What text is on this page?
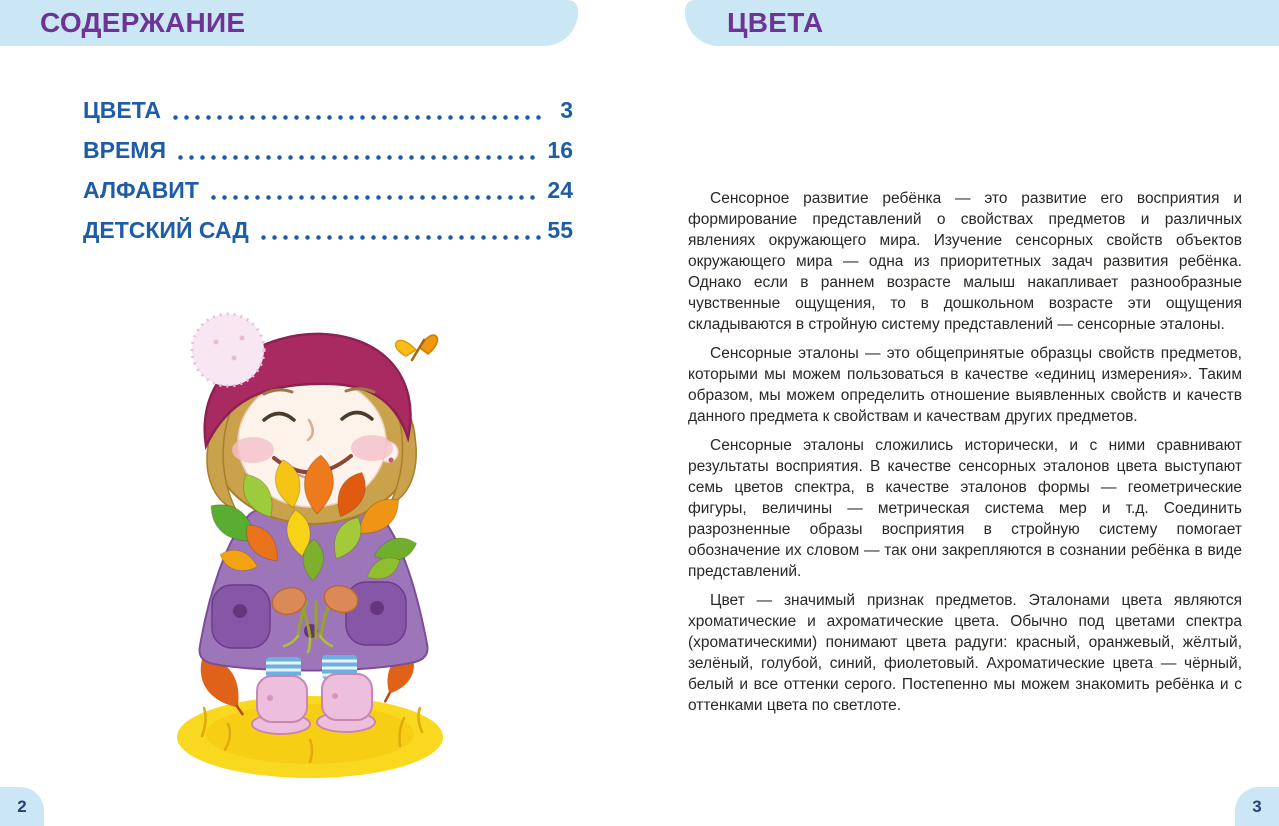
СОДЕРЖАНИЕ
ЦВЕТА	3
ВРЕМЯ	16
АЛФАВИТ	24
ДЕТСКИЙ САД	55
2
ЦВЕТА

Сенсорное развитие ребёнка — это развитие его восприятия и формирование представлений о свойствах предметов и различных явлениях окружающего мира. Изучение сенсорных свойств объектов окружающего мира — одна из приоритетных задач развития ребёнка. Однако если в раннем возрасте малыш накапливает разнообразные чувственные ощущения, то в дошкольном возрасте эти ощущения складываются в стройную систему представлений — сенсорные эталоны.

Сенсорные эталоны — это общепринятые образцы свойств предметов, которыми мы можем пользоваться в качестве «единиц измерения». Таким образом, мы можем определить отношение выявленных свойств и качеств данного предмета к свойствам и качествам других предметов.

Сенсорные эталоны сложились исторически, и с ними сравнивают результаты восприятия. В качестве сенсорных эталонов цвета выступают семь цветов спектра, в качестве эталонов формы — геометрические фигуры, величины — метрическая система мер и т.д. Соединить разрозненные образы восприятия в стройную систему помогает обозначение их словом — так они закрепляются в сознании ребёнка в виде представлений.

Цвет — значимый признак предметов. Эталонами цвета являются хроматические и ахроматические цвета. Обычно под цветами спектра (хроматическими) понимают цвета радуги: красный, оранжевый, жёлтый, зелёный, голубой, синий, фиолетовый. Ахроматические цвета — чёрный, белый и все оттенки серого. Постепенно мы можем знакомить ребёнка и с оттенками цвета по светлоте.

3
